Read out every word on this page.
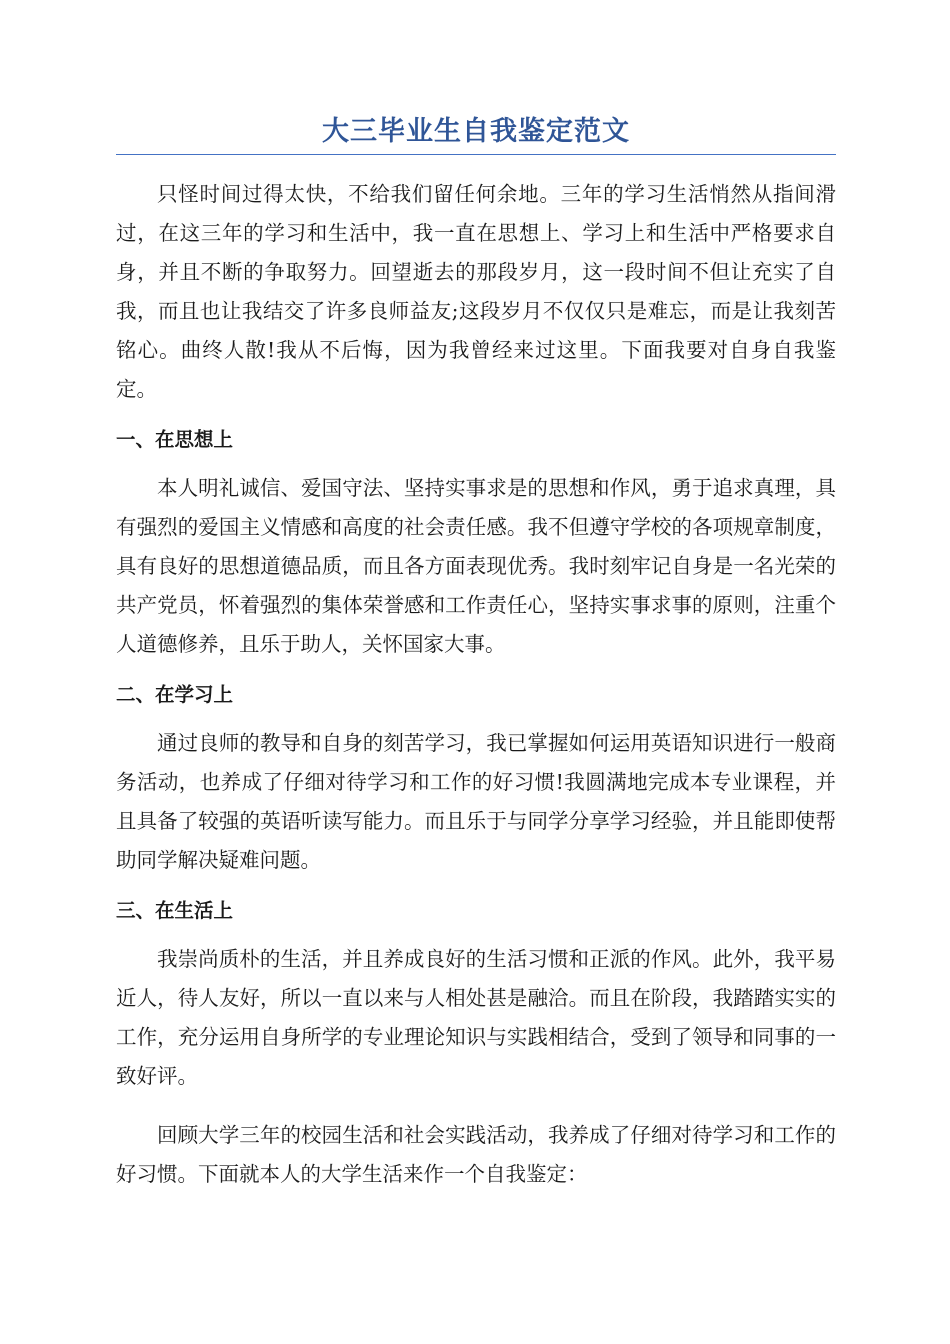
大三毕业生自我鉴定范文

只怪时间过得太快，不给我们留任何余地。三年的学习生活悄然从指间滑过，在这三年的学习和生活中，我一直在思想上、学习上和生活中严格要求自身，并且不断的争取努力。回望逝去的那段岁月，这一段时间不但让充实了自我，而且也让我结交了许多良师益友;这段岁月不仅仅只是难忘，而是让我刻苦铭心。曲终人散!我从不后悔，因为我曾经来过这里。下面我要对自身自我鉴定。

一、在思想上

本人明礼诚信、爱国守法、坚持实事求是的思想和作风，勇于追求真理，具有强烈的爱国主义情感和高度的社会责任感。我不但遵守学校的各项规章制度，具有良好的思想道德品质，而且各方面表现优秀。我时刻牢记自身是一名光荣的共产党员，怀着强烈的集体荣誉感和工作责任心，坚持实事求事的原则，注重个人道德修养，且乐于助人，关怀国家大事。

二、在学习上

通过良师的教导和自身的刻苦学习，我已掌握如何运用英语知识进行一般商务活动，也养成了仔细对待学习和工作的好习惯!我圆满地完成本专业课程，并且具备了较强的英语听读写能力。而且乐于与同学分享学习经验，并且能即使帮助同学解决疑难问题。

三、在生活上

我崇尚质朴的生活，并且养成良好的生活习惯和正派的作风。此外，我平易近人，待人友好，所以一直以来与人相处甚是融洽。而且在阶段，我踏踏实实的工作，充分运用自身所学的专业理论知识与实践相结合，受到了领导和同事的一致好评。

回顾大学三年的校园生活和社会实践活动，我养成了仔细对待学习和工作的好习惯。下面就本人的大学生活来作一个自我鉴定：
